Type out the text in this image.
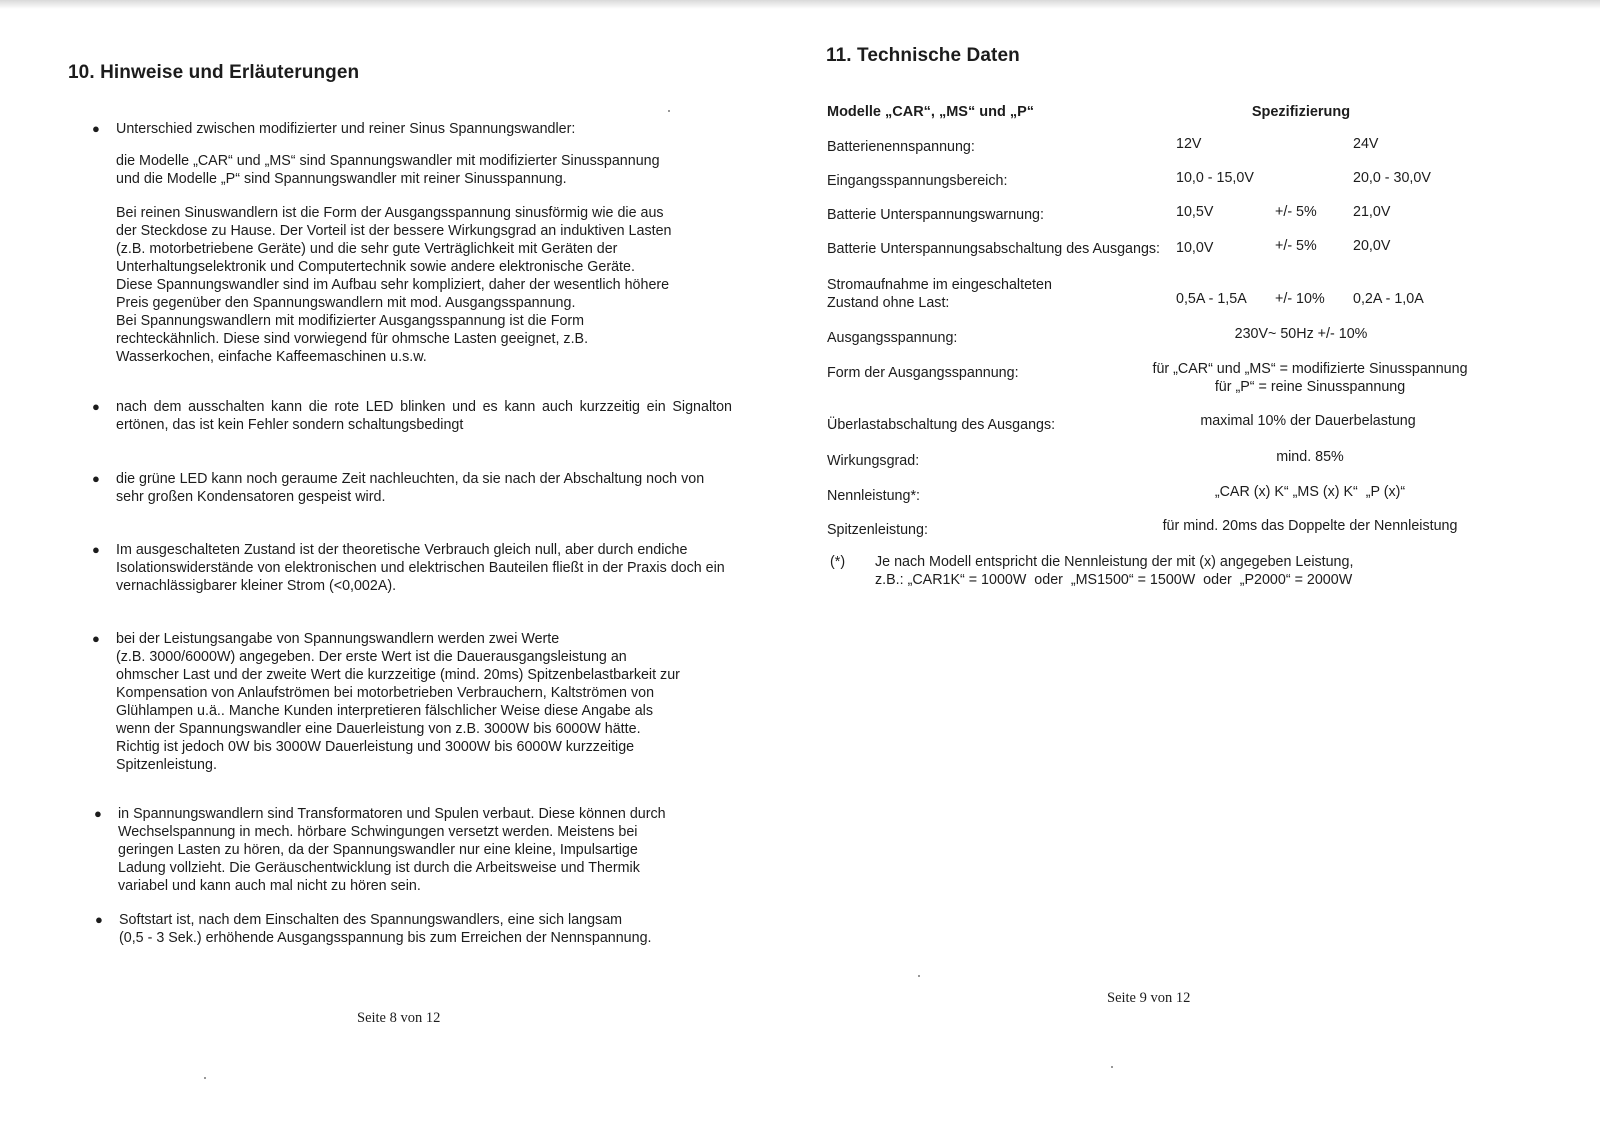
10. Hinweise und Erläuterungen
● Unterschied zwischen modifizierter und reiner Sinus Spannungswandler:
die Modelle „CAR“ und „MS“ sind Spannungswandler mit modifizierter Sinusspannung
und die Modelle „P“ sind Spannungswandler mit reiner Sinusspannung.
Bei reinen Sinuswandlern ist die Form der Ausgangsspannung sinusförmig wie die aus
der Steckdose zu Hause. Der Vorteil ist der bessere Wirkungsgrad an induktiven Lasten
(z.B. motorbetriebene Geräte) und die sehr gute Verträglichkeit mit Geräten der
Unterhaltungselektronik und Computertechnik sowie andere elektronische Geräte.
Diese Spannungswandler sind im Aufbau sehr kompliziert, daher der wesentlich höhere
Preis gegenüber den Spannungswandlern mit mod. Ausgangsspannung.
Bei Spannungswandlern mit modifizierter Ausgangsspannung ist die Form
rechteckähnlich. Diese sind vorwiegend für ohmsche Lasten geeignet, z.B.
Wasserkochen, einfache Kaffeemaschinen u.s.w.
● nach dem ausschalten kann die rote LED blinken und es kann auch kurzzeitig ein Signalton ertönen, das ist kein Fehler sondern schaltungsbedingt
● die grüne LED kann noch geraume Zeit nachleuchten, da sie nach der Abschaltung noch von sehr großen Kondensatoren gespeist wird.
● Im ausgeschalteten Zustand ist der theoretische Verbrauch gleich null, aber durch endiche Isolationswiderstände von elektronischen und elektrischen Bauteilen fließt in der Praxis doch ein vernachlässigbarer kleiner Strom (<0,002A).
● bei der Leistungsangabe von Spannungswandlern werden zwei Werte
(z.B. 3000/6000W) angegeben. Der erste Wert ist die Dauerausgangsleistung an
ohmscher Last und der zweite Wert die kurzzeitige (mind. 20ms) Spitzenbelastbarkeit zur
Kompensation von Anlaufströmen bei motorbetrieben Verbrauchern, Kaltströmen von
Glühlampen u.ä.. Manche Kunden interpretieren fälschlicher Weise diese Angabe als
wenn der Spannungswandler eine Dauerleistung von z.B. 3000W bis 6000W hätte.
Richtig ist jedoch 0W bis 3000W Dauerleistung und 3000W bis 6000W kurzzeitige
Spitzenleistung.
● in Spannungswandlern sind Transformatoren und Spulen verbaut. Diese können durch
Wechselspannung in mech. hörbare Schwingungen versetzt werden. Meistens bei
geringen Lasten zu hören, da der Spannungswandler nur eine kleine, Impulsartige
Ladung vollzieht. Die Geräuschentwicklung ist durch die Arbeitsweise und Thermik
variabel und kann auch mal nicht zu hören sein.
● Softstart ist, nach dem Einschalten des Spannungswandlers, eine sich langsam
(0,5 - 3 Sek.) erhöhende Ausgangsspannung bis zum Erreichen der Nennspannung.
Seite 8 von 12
11. Technische Daten
Modelle „CAR“, „MS“ und „P“	Spezifizierung
Batterienennspannung:	12V	24V
Eingangsspannungsbereich:	10,0 - 15,0V	20,0 - 30,0V
Batterie Unterspannungswarnung:	10,5V	+/- 5%	21,0V
Batterie Unterspannungsabschaltung des Ausgangs: 10,0V	+/- 5%	20,0V
Stromaufnahme im eingeschalteten
Zustand ohne Last:	0,5A - 1,5A +/- 10% 0,2A - 1,0A
Ausgangsspannung:	230V~ 50Hz +/- 10%
Form der Ausgangsspannung:	für „CAR“ und „MS“ = modifizierte Sinusspannung
für „P“ = reine Sinusspannung
Überlastabschaltung des Ausgangs:	maximal 10% der Dauerbelastung
Wirkungsgrad:	mind. 85%
Nennleistung*:	„CAR (x) K“ „MS (x) K“  „P (x)“
Spitzenleistung:	für mind. 20ms das Doppelte der Nennleistung
(*) Je nach Modell entspricht die Nennleistung der mit (x) angegeben Leistung,
z.B.: „CAR1K“ = 1000W  oder  „MS1500“ = 1500W  oder  „P2000“ = 2000W
Seite 9 von 12
